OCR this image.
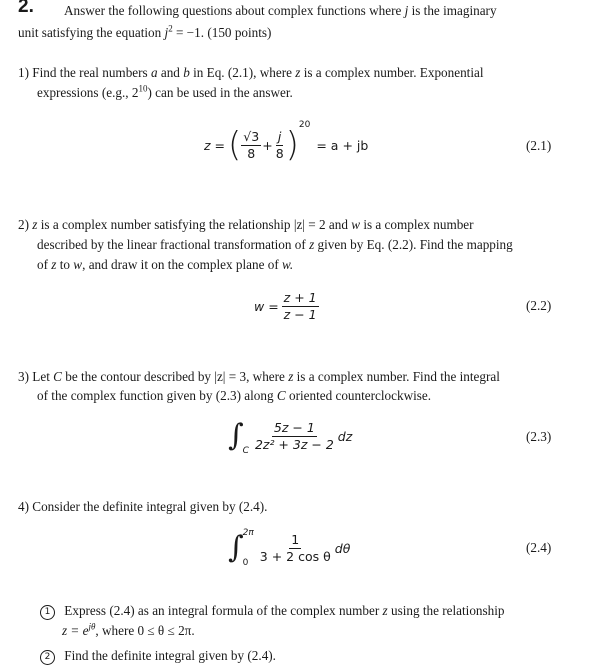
2. Answer the following questions about complex functions where j is the imaginary
unit satisfying the equation $j^2 = -1$. (150 points)
1) Find the real numbers a and b in Eq. (2.1), where z is a complex number. Exponential
expressions (e.g., $2^{10}$) can be used in the answer.
z = ( $\frac{√3}{8} + \frac{j}{8}$ ) 20
= a + jb	(2.1)
2) z is a complex number satisfying the relationship |z| = 2 and w is a complex number
described by the linear fractional transformation of z given by Eq. (2.2). Find the mapping
of z to w, and draw it on the complex plane of w.
$w = \frac{z + 1}{z - 1}$	(2.2)
3) Let C be the contour described by |z| = 3, where z is a complex number. Find the integral
of the complex function given by (2.3) along C oriented counterclockwise.
∫ C $\frac{5z - 1}{\text{2z² + 3z − 2}}$ dz	(2.3)
4) Consider the definite integral given by (2.4).
∫ 2π
$0 \frac{1}{\text{3 + 2 cos θ}}$ dθ	(2.4)
1 Express (2.4) as an integral formula of the complex number z using the relationship
$z = e^{j\theta}$, where 0 ≤ θ ≤ 2π.
2 Find the definite integral given by (2.4).
